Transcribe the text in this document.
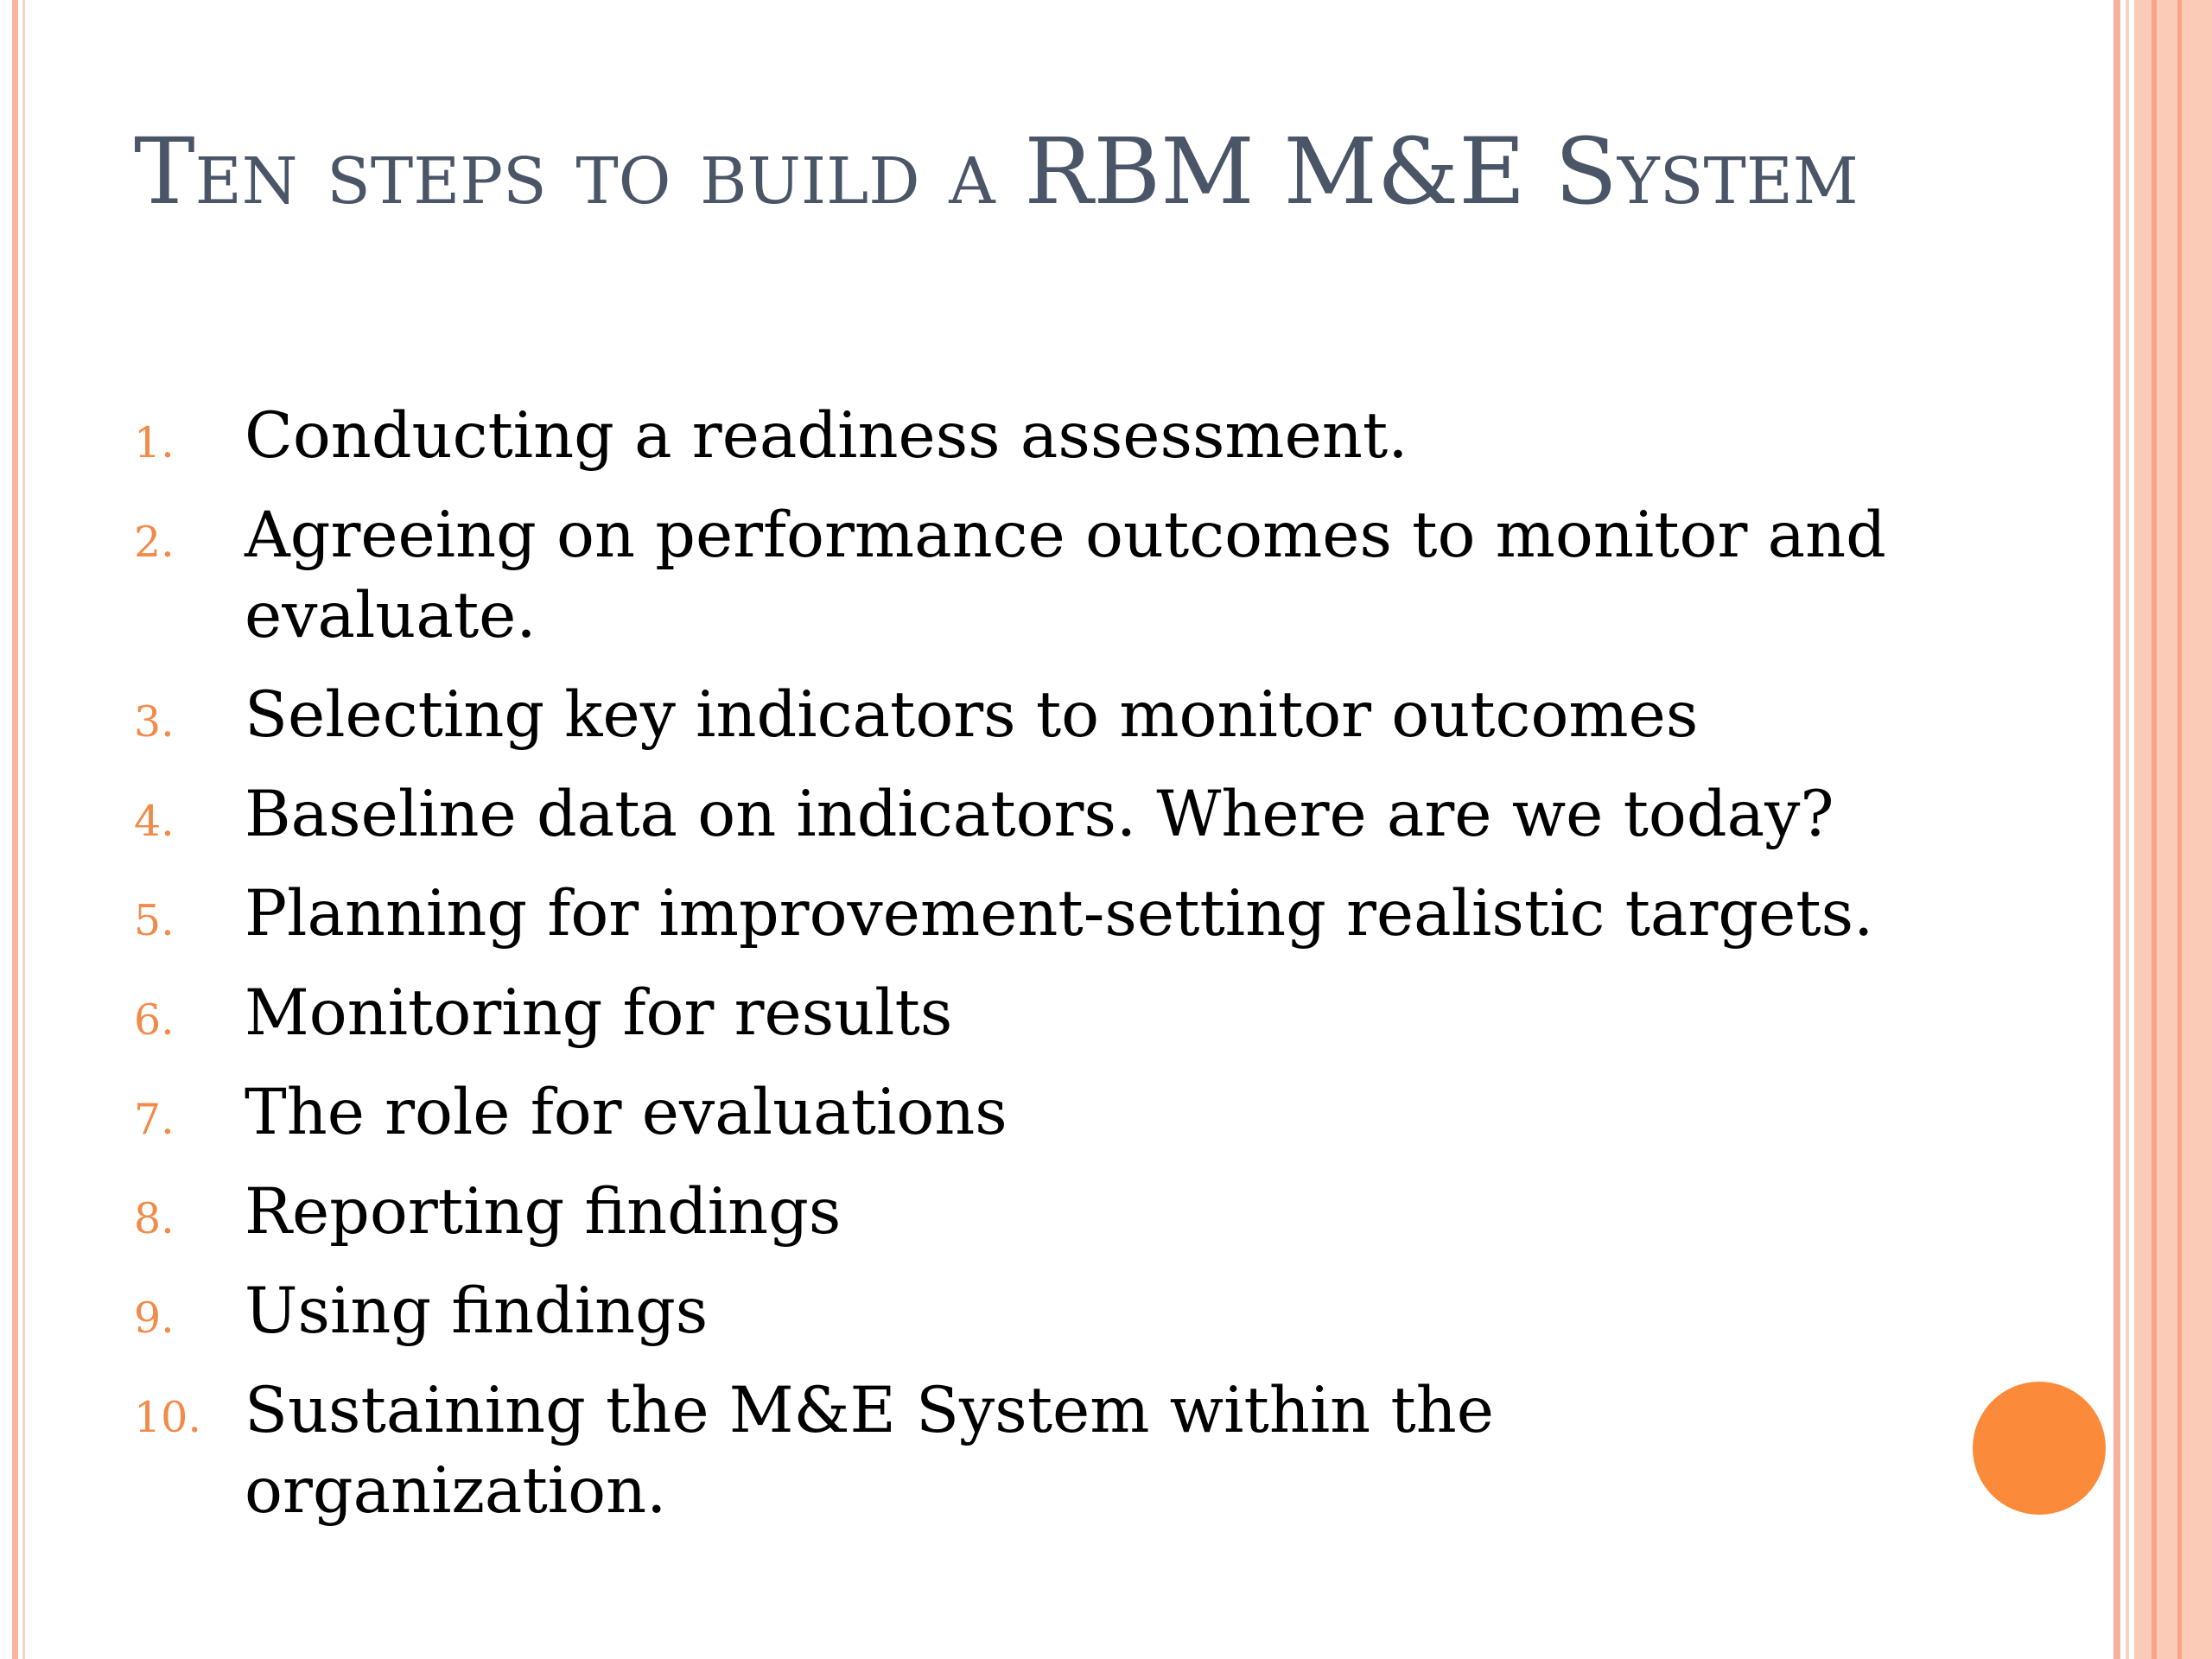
Ten steps to build a RBM M&E System
1. Conducting a readiness assessment.
2. Agreeing on performance outcomes to monitor and evaluate.
3. Selecting key indicators to monitor outcomes
4. Baseline data on indicators. Where are we today?
5. Planning for improvement-setting realistic targets.
6. Monitoring for results
7. The role for evaluations
8. Reporting findings
9. Using findings
10. Sustaining the M&E System within the organization.
